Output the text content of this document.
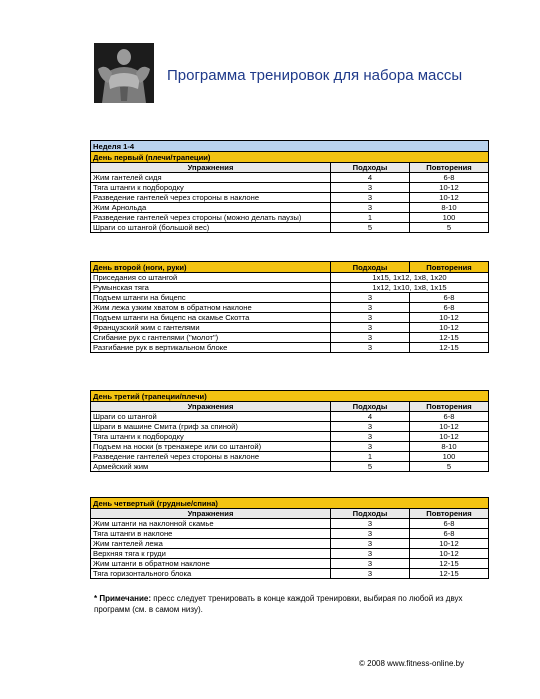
Программа тренировок для набора массы
Неделя 1-4		
День первый (плечи/трапеции)		
Упражнения	Подходы	Повторения
Жим гантелей сидя	4	6-8
Тяга штанги к подбородку	3	10-12
Разведение гантелей через стороны в наклоне	3	10-12
Жим Арнольда	3	8-10
Разведение гантелей через стороны (можно делать паузы)	1	100
Шраги со штангой (большой вес)	5	5
День второй (ноги, руки)	Подходы	Повторения
Приседания со штангой	1x15, 1x12, 1x8, 1x20	
Румынская тяга	1x12, 1x10, 1x8, 1x15	
Подъем штанги на бицепс	3	6-8
Жим лежа узким хватом в обратном наклоне	3	6-8
Подъем штанги на бицепс на скамье Скотта	3	10-12
Французский жим с гантелями	3	10-12
Сгибание рук с гантелями ("молот")	3	12-15
Разгибание рук в вертикальном блоке	3	12-15
День третий (трапеции/плечи)		
Упражнения	Подходы	Повторения
Шраги со штангой	4	6-8
Шраги в машине Смита (гриф за спиной)	3	10-12
Тяга штанги к подбородку	3	10-12
Подъем на носки (в тренажере или со штангой)	3	8-10
Разведение гантелей через стороны в наклоне	1	100
Армейский жим	5	5
День четвертый (грудные/спина)		
Упражнения	Подходы	Повторения
Жим штанги на наклонной скамье	3	6-8
Тяга штанги в наклоне	3	6-8
Жим гантелей лежа	3	10-12
Верхняя тяга к груди	3	10-12
Жим штанги в обратном наклоне	3	12-15
Тяга горизонтального блока	3	12-15
* Примечание: пресс следует тренировать в конце каждой тренировки, выбирая по любой из двух программ (см. в самом низу).
© 2008 www.fitness-online.by
